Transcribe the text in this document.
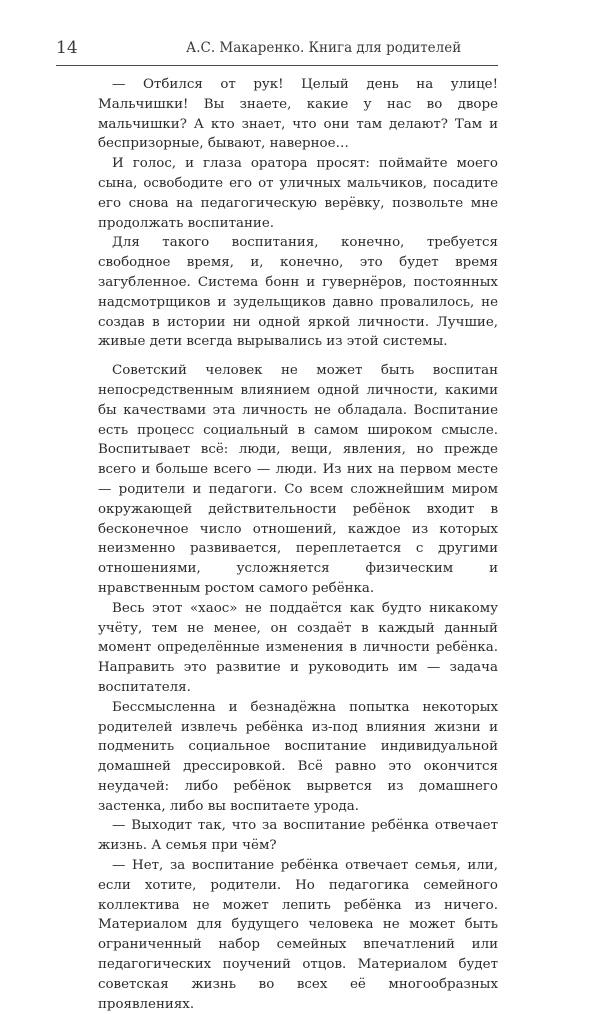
14	А.С. Макаренко. Книга для родителей

— Отбился от рук! Целый день на улице! Мальчишки! Вы знаете, какие у нас во дворе мальчишки? А кто знает, что они там делают? Там и беспризорные, бывают, наверное…

И голос, и глаза оратора просят: поймайте моего сына, освободите его от уличных мальчиков, посадите его снова на педагогическую верёвку, позвольте мне продолжать воспитание.

Для такого воспитания, конечно, требуется свободное время, и, конечно, это будет время загубленное. Система бонн и гувернёров, постоянных надсмотрщиков и зудельщиков давно провалилось, не создав в истории ни одной яркой личности. Лучшие, живые дети всегда вырывались из этой системы.

Советский человек не может быть воспитан непосредственным влиянием одной личности, какими бы качествами эта личность не обладала. Воспитание есть процесс социальный в самом широком смысле. Воспитывает всё: люди, вещи, явления, но прежде всего и больше всего — люди. Из них на первом месте — родители и педагоги. Со всем сложнейшим миром окружающей действительности ребёнок входит в бесконечное число отношений, каждое из которых неизменно развивается, переплетается с другими отношениями, усложняется физическим и нравственным ростом самого ребёнка.

Весь этот «хаос» не поддаётся как будто никакому учёту, тем не менее, он создаёт в каждый данный момент определённые изменения в личности ребёнка. Направить это развитие и руководить им — задача воспитателя.

Бессмысленна и безнадёжна попытка некоторых родителей извлечь ребёнка из-под влияния жизни и подменить социальное воспитание индивидуальной домашней дрессировкой. Всё равно это окончится неудачей: либо ребёнок вырвется из домашнего застенка, либо вы воспитаете урода.

— Выходит так, что за воспитание ребёнка отвечает жизнь. А семья при чём?

— Нет, за воспитание ребёнка отвечает семья, или, если хотите, родители. Но педагогика семейного коллектива не может лепить ребёнка из ничего. Материалом для будущего человека не может быть ограниченный набор семейных впечатлений или педагогических поучений отцов. Материалом будет советская жизнь во всех её многообразных проявлениях.
